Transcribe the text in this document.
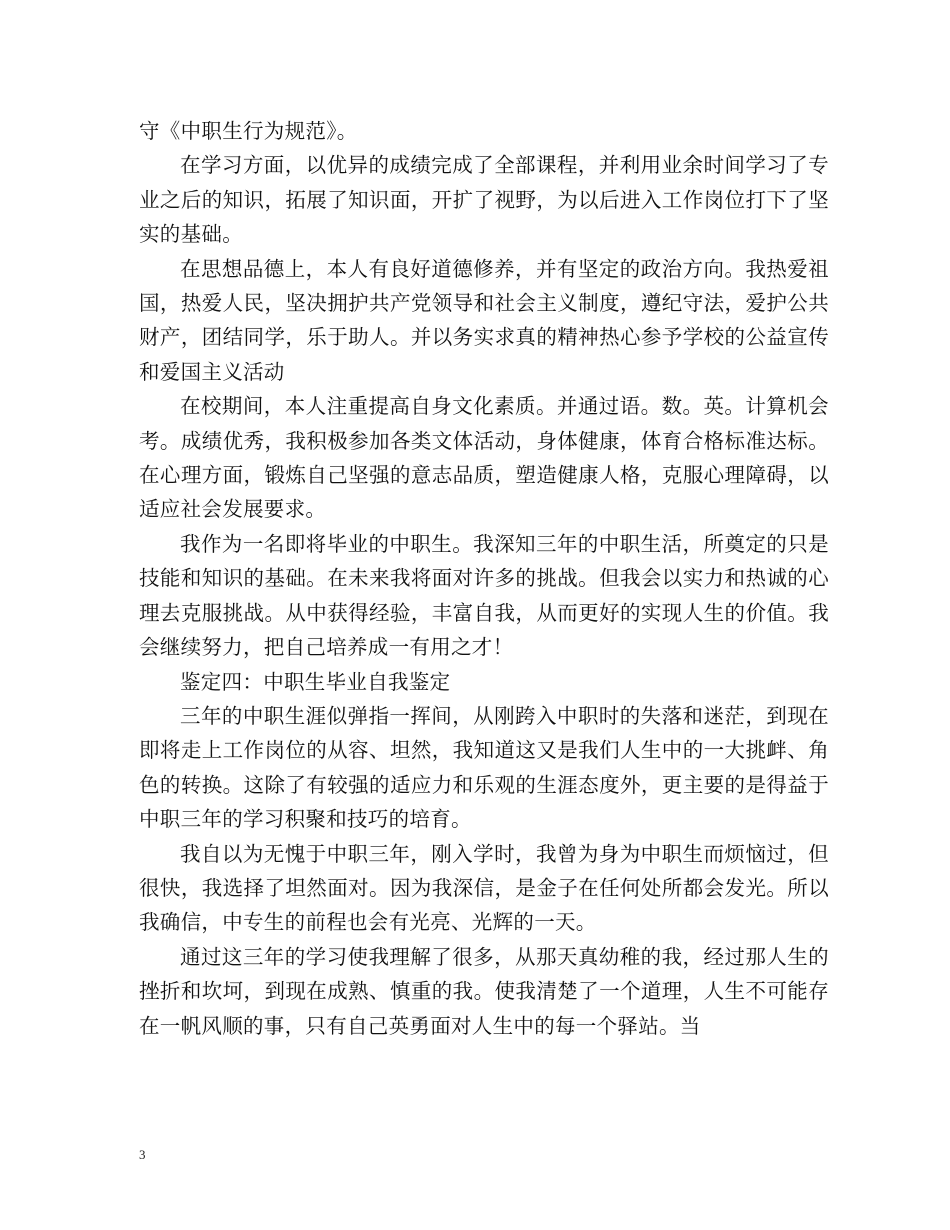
守《中职生行为规范》。

在学习方面，以优异的成绩完成了全部课程，并利用业余时间学习了专业之后的知识，拓展了知识面，开扩了视野，为以后进入工作岗位打下了坚实的基础。

在思想品德上，本人有良好道德修养，并有坚定的政治方向。我热爱祖国，热爱人民，坚决拥护共产党领导和社会主义制度，遵纪守法，爱护公共财产，团结同学，乐于助人。并以务实求真的精神热心参予学校的公益宣传和爱国主义活动

在校期间，本人注重提高自身文化素质。并通过语。数。英。计算机会考。成绩优秀，我积极参加各类文体活动，身体健康，体育合格标准达标。在心理方面，锻炼自己坚强的意志品质，塑造健康人格，克服心理障碍，以适应社会发展要求。

我作为一名即将毕业的中职生。我深知三年的中职生活，所奠定的只是技能和知识的基础。在未来我将面对许多的挑战。但我会以实力和热诚的心理去克服挑战。从中获得经验，丰富自我，从而更好的实现人生的价值。我会继续努力，把自己培养成一有用之才！

鉴定四：中职生毕业自我鉴定

三年的中职生涯似弹指一挥间，从刚跨入中职时的失落和迷茫，到现在即将走上工作岗位的从容、坦然，我知道这又是我们人生中的一大挑衅、角色的转换。这除了有较强的适应力和乐观的生涯态度外，更主要的是得益于中职三年的学习积聚和技巧的培育。

我自以为无愧于中职三年，刚入学时，我曾为身为中职生而烦恼过，但很快，我选择了坦然面对。因为我深信，是金子在任何处所都会发光。所以我确信，中专生的前程也会有光亮、光辉的一天。

通过这三年的学习使我理解了很多，从那天真幼稚的我，经过那人生的挫折和坎坷，到现在成熟、慎重的我。使我清楚了一个道理，人生不可能存在一帆风顺的事，只有自己英勇面对人生中的每一个驿站。当

3
